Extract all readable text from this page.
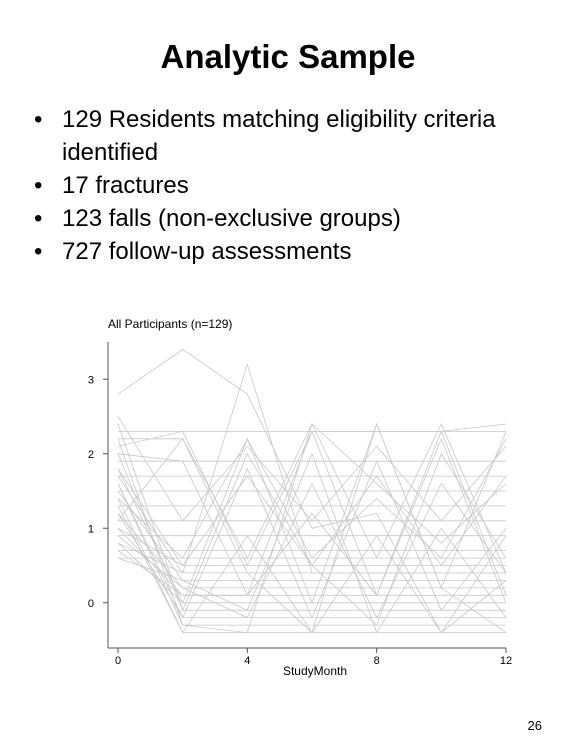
Analytic Sample
• 129 Residents matching eligibility criteria identified
• 17 fractures
• 123 falls (non-exclusive groups)
• 727 follow-up assessments
All Participants (n=129)
0	4	8	12
0
1
2
3
StudyMonth
26
